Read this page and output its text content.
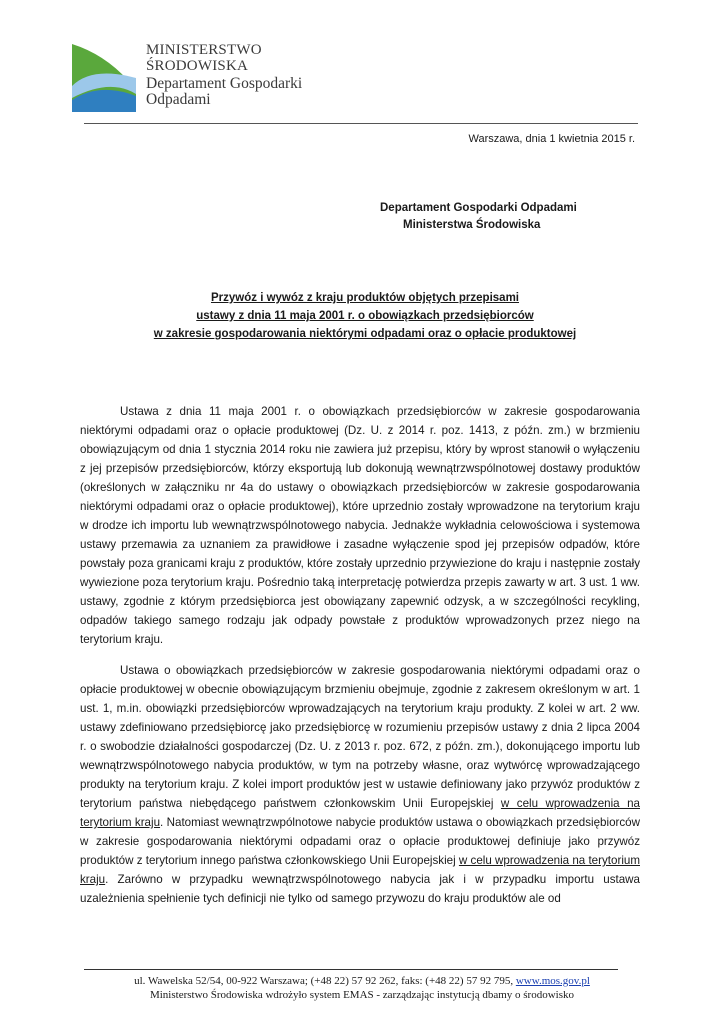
MINISTERSTWO
ŚRODOWISKA
Departament Gospodarki
Odpadami
Warszawa, dnia 1 kwietnia 2015 r.
Departament Gospodarki Odpadami
Ministerstwa Środowiska
Przywóz i wywóz z kraju produktów objętych przepisami
ustawy z dnia 11 maja 2001 r. o obowiązkach przedsiębiorców
w zakresie gospodarowania niektórymi odpadami oraz o opłacie produktowej

Ustawa z dnia 11 maja 2001 r. o obowiązkach przedsiębiorców w zakresie gospodarowania niektórymi odpadami oraz o opłacie produktowej (Dz. U. z 2014 r. poz. 1413, z późn. zm.) w brzmieniu obowiązującym od dnia 1 stycznia 2014 roku nie zawiera już przepisu, który by wprost stanowił o wyłączeniu z jej przepisów przedsiębiorców, którzy eksportują lub dokonują wewnątrzwspólnotowej dostawy produktów (określonych w załączniku nr 4a do ustawy o obowiązkach przedsiębiorców w zakresie gospodarowania niektórymi odpadami oraz o opłacie produktowej), które uprzednio zostały wprowadzone na terytorium kraju w drodze ich importu lub wewnątrzwspólnotowego nabycia. Jednakże wykładnia celowościowa i systemowa ustawy przemawia za uznaniem za prawidłowe i zasadne wyłączenie spod jej przepisów odpadów, które powstały poza granicami kraju z produktów, które zostały uprzednio przywiezione do kraju i następnie zostały wywiezione poza terytorium kraju. Pośrednio taką interpretację potwierdza przepis zawarty w art. 3 ust. 1 ww. ustawy, zgodnie z którym przedsiębiorca jest obowiązany zapewnić odzysk, a w szczególności recykling, odpadów takiego samego rodzaju jak odpady powstałe z produktów wprowadzonych przez niego na terytorium kraju.

Ustawa o obowiązkach przedsiębiorców w zakresie gospodarowania niektórymi odpadami oraz o opłacie produktowej w obecnie obowiązującym brzmieniu obejmuje, zgodnie z zakresem określonym w art. 1 ust. 1, m.in. obowiązki przedsiębiorców wprowadzających na terytorium kraju produkty. Z kolei w art. 2 ww. ustawy zdefiniowano przedsiębiorcę jako przedsiębiorcę w rozumieniu przepisów ustawy z dnia 2 lipca 2004 r. o swobodzie działalności gospodarczej (Dz. U. z 2013 r. poz. 672, z późn. zm.), dokonującego importu lub wewnątrzwspólnotowego nabycia produktów, w tym na potrzeby własne, oraz wytwórcę wprowadzającego produkty na terytorium kraju. Z kolei import produktów jest w ustawie definiowany jako przywóz produktów z terytorium państwa niebędącego państwem członkowskim Unii Europejskiej w celu wprowadzenia na terytorium kraju. Natomiast wewnątrzwpólnotowe nabycie produktów ustawa o obowiązkach przedsiębiorców w zakresie gospodarowania niektórymi odpadami oraz o opłacie produktowej definiuje jako przywóz produktów z terytorium innego państwa członkowskiego Unii Europejskiej w celu wprowadzenia na terytorium kraju. Zarówno w przypadku wewnątrzwspólnotowego nabycia jak i w przypadku importu ustawa uzależnienia spełnienie tych definicji nie tylko od samego przywozu do kraju produktów ale od

ul. Wawelska 52/54, 00-922 Warszawa; (+48 22) 57 92 262, faks: (+48 22) 57 92 795, www.mos.gov.pl
Ministerstwo Środowiska wdrożyło system EMAS - zarządzając instytucją dbamy o środowisko
